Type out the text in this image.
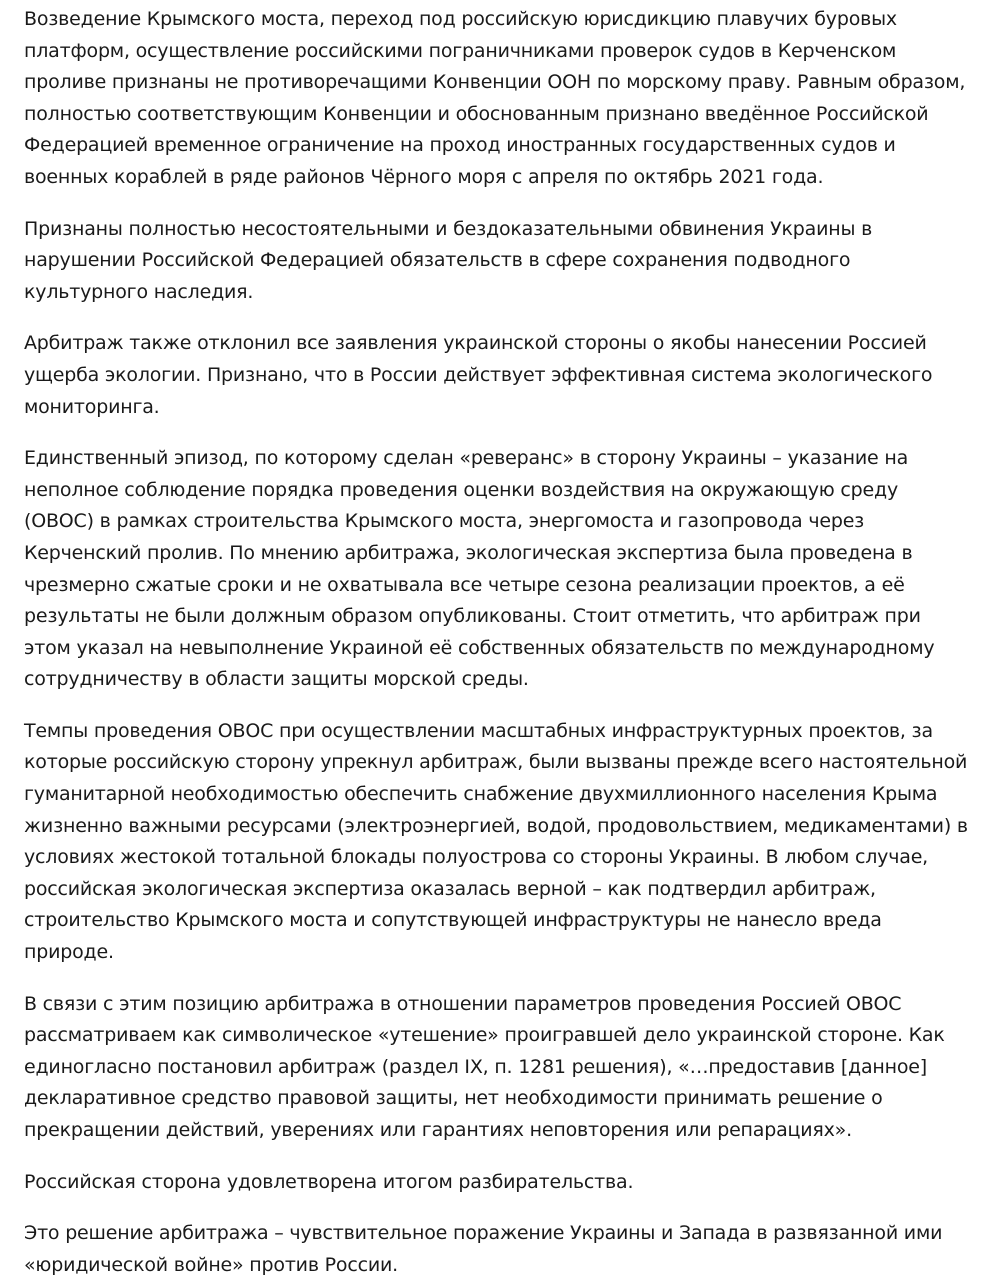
Возведение Крымского моста, переход под российскую юрисдикцию плавучих буровых платформ, осуществление российскими пограничниками проверок судов в Керченском проливе признаны не противоречащими Конвенции ООН по морскому праву. Равным образом, полностью соответствующим Конвенции и обоснованным признано введённое Российской Федерацией временное ограничение на проход иностранных государственных судов и военных кораблей в ряде районов Чёрного моря с апреля по октябрь 2021 года.

Признаны полностью несостоятельными и бездоказательными обвинения Украины в нарушении Российской Федерацией обязательств в сфере сохранения подводного культурного наследия.

Арбитраж также отклонил все заявления украинской стороны о якобы нанесении Россией ущерба экологии. Признано, что в России действует эффективная система экологического мониторинга.

Единственный эпизод, по которому сделан «реверанс» в сторону Украины – указание на неполное соблюдение порядка проведения оценки воздействия на окружающую среду (ОВОС) в рамках строительства Крымского моста, энергомоста и газопровода через Керченский пролив. По мнению арбитража, экологическая экспертиза была проведена в чрезмерно сжатые сроки и не охватывала все четыре сезона реализации проектов, а её результаты не были должным образом опубликованы. Стоит отметить, что арбитраж при этом указал на невыполнение Украиной её собственных обязательств по международному сотрудничеству в области защиты морской среды.

Темпы проведения ОВОС при осуществлении масштабных инфраструктурных проектов, за которые российскую сторону упрекнул арбитраж, были вызваны прежде всего настоятельной гуманитарной необходимостью обеспечить снабжение двухмиллионного населения Крыма жизненно важными ресурсами (электроэнергией, водой, продовольствием, медикаментами) в условиях жестокой тотальной блокады полуострова со стороны Украины. В любом случае, российская экологическая экспертиза оказалась верной – как подтвердил арбитраж, строительство Крымского моста и сопутствующей инфраструктуры не нанесло вреда природе.

В связи с этим позицию арбитража в отношении параметров проведения Россией ОВОС рассматриваем как символическое «утешение» проигравшей дело украинской стороне. Как единогласно постановил арбитраж (раздел IX, п. 1281 решения), «…предоставив [данное] декларативное средство правовой защиты, нет необходимости принимать решение о прекращении действий, уверениях или гарантиях неповторения или репарациях».

Российская сторона удовлетворена итогом разбирательства.

Это решение арбитража – чувствительное поражение Украины и Запада в развязанной ими «юридической войне» против России.
